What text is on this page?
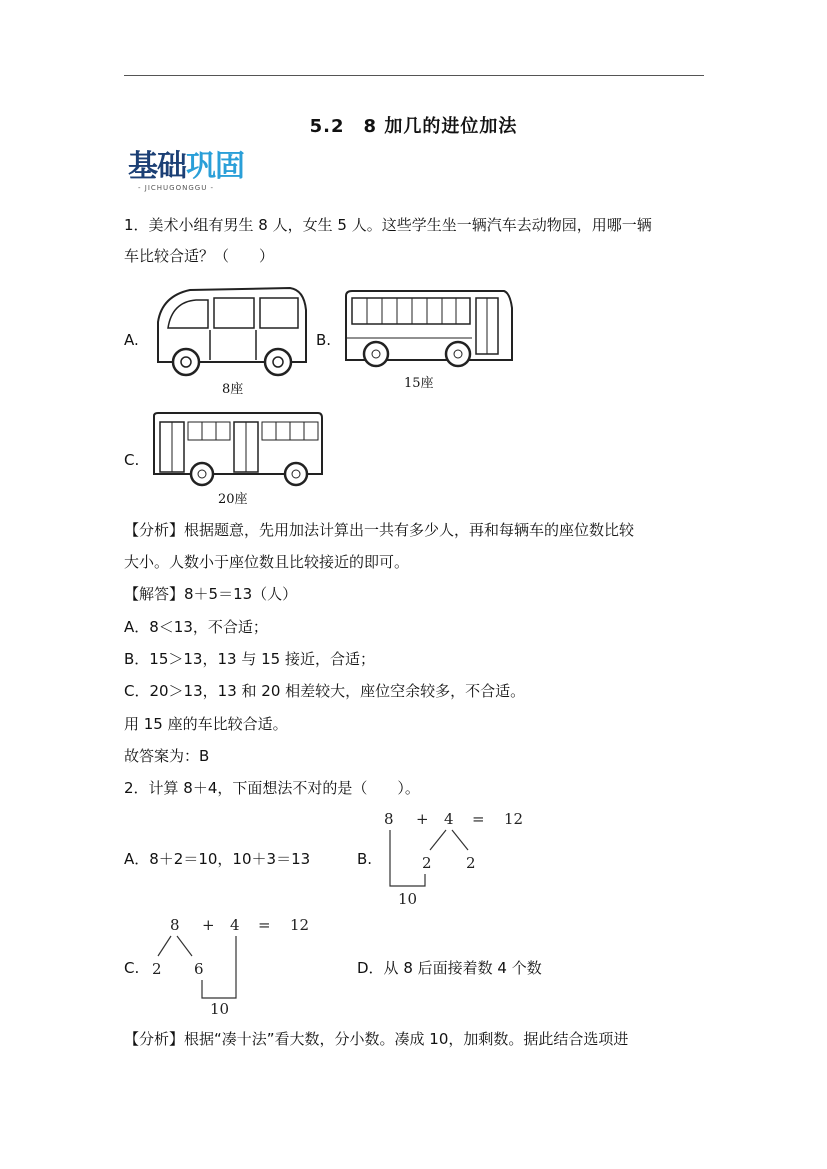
5.2　8 加几的进位加法
基础巩固
- JICHUGONGGU -
1．美术小组有男生 8 人，女生 5 人。这些学生坐一辆汽车去动物园，用哪一辆
车比较合适？（　　）
A.
8座
B.
15座
C.
20座
【分析】根据题意，先用加法计算出一共有多少人，再和每辆车的座位数比较
大小。人数小于座位数且比较接近的即可。
【解答】8＋5＝13（人）
A．8＜13，不合适；
B．15＞13，13 与 15 接近，合适；
C．20＞13，13 和 20 相差较大，座位空余较多，不合适。
用 15 座的车比较合适。
故答案为：B
2．计算 8＋4，下面想法不对的是（　　）。
A．8＋2＝10，10＋3＝13	B.
8 + 4 = 12
2 2
10
C.
8 + 4 = 12
2 6
10
D．从 8 后面接着数 4 个数
【分析】根据“凑十法”看大数，分小数。凑成 10，加剩数。据此结合选项进
